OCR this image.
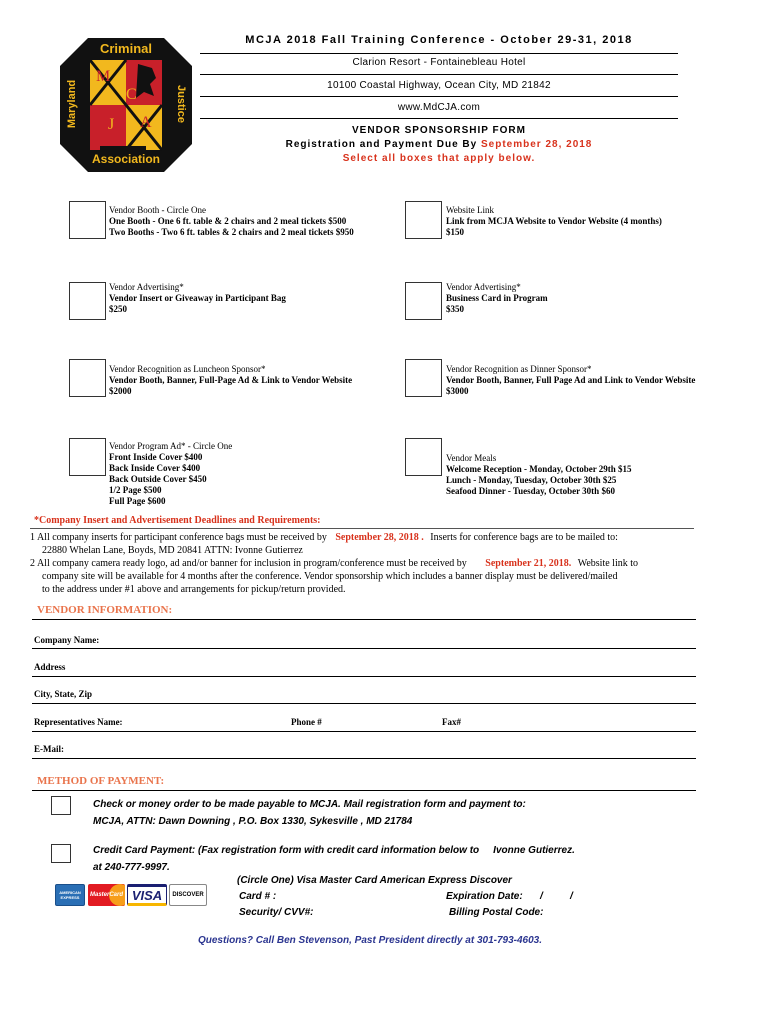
Criminal
Association
Maryland	Justice
M
C
J A
MCJA 2018 Fall Training Conference - October 29-31, 2018
Clarion Resort - Fontainebleau Hotel
10100 Coastal Highway, Ocean City, MD 21842
www.MdCJA.com
VENDOR SPONSORSHIP FORM
Registration and Payment Due By September 28, 2018
Select all boxes that apply below.
Vendor Booth - Circle One
One Booth - One 6 ft. table & 2 chairs and 2 meal tickets $500
Two Booths - Two 6 ft. tables & 2 chairs and 2 meal tickets $950
Website Link
Link from MCJA Website to Vendor Website (4 months)
$150
Vendor Advertising*
Vendor Insert or Giveaway in Participant Bag
$250
Vendor Advertising*
Business Card in Program
$350
Vendor Recognition as Luncheon Sponsor*
Vendor Booth, Banner, Full-Page Ad & Link to Vendor Website
$2000
Vendor Recognition as Dinner Sponsor*
Vendor Booth, Banner, Full Page Ad and Link to Vendor Website
$3000
Vendor Program Ad* - Circle One
Front Inside Cover $400
Back Inside Cover $400
Back Outside Cover $450
1/2 Page $500
Full Page $600
Vendor Meals
Welcome Reception - Monday, October 29th $15
Lunch - Monday, Tuesday, October 30th $25
Seafood Dinner - Tuesday, October 30th $60
*Company Insert and Advertisement Deadlines and Requirements:
1 All company inserts for participant conference bags must be received by September 28, 2018 . Inserts for conference bags are to be mailed to:
22880 Whelan Lane, Boyds, MD 20841 ATTN: Ivonne Gutierrez
2 All company camera ready logo, ad and/or banner for inclusion in program/conference must be received by September 21, 2018. Website link to
company site will be available for 4 months after the conference. Vendor sponsorship which includes a banner display must be delivered/mailed
to the address under #1 above and arrangements for pickup/return provided.
VENDOR INFORMATION:
Company Name:
Address
City, State, Zip
Representatives Name:	Phone #	Fax#
E-Mail:
METHOD OF PAYMENT:
Check or money order to be made payable to MCJA. Mail registration form and payment to:
MCJA, ATTN: Dawn Downing , P.O. Box 1330, Sykesville , MD 21784
Credit Card Payment: (Fax registration form with credit card information below to Ivonne Gutierrez.
at 240-777-9997.
(Circle One) Visa Master Card American Express Discover
Card # :	Expiration Date: /	/
Security/ CVV#:	Billing Postal Code:
AMERICAN EXPRESS	MasterCard VISA DISCOVER
Questions? Call Ben Stevenson, Past President directly at 301-793-4603.
